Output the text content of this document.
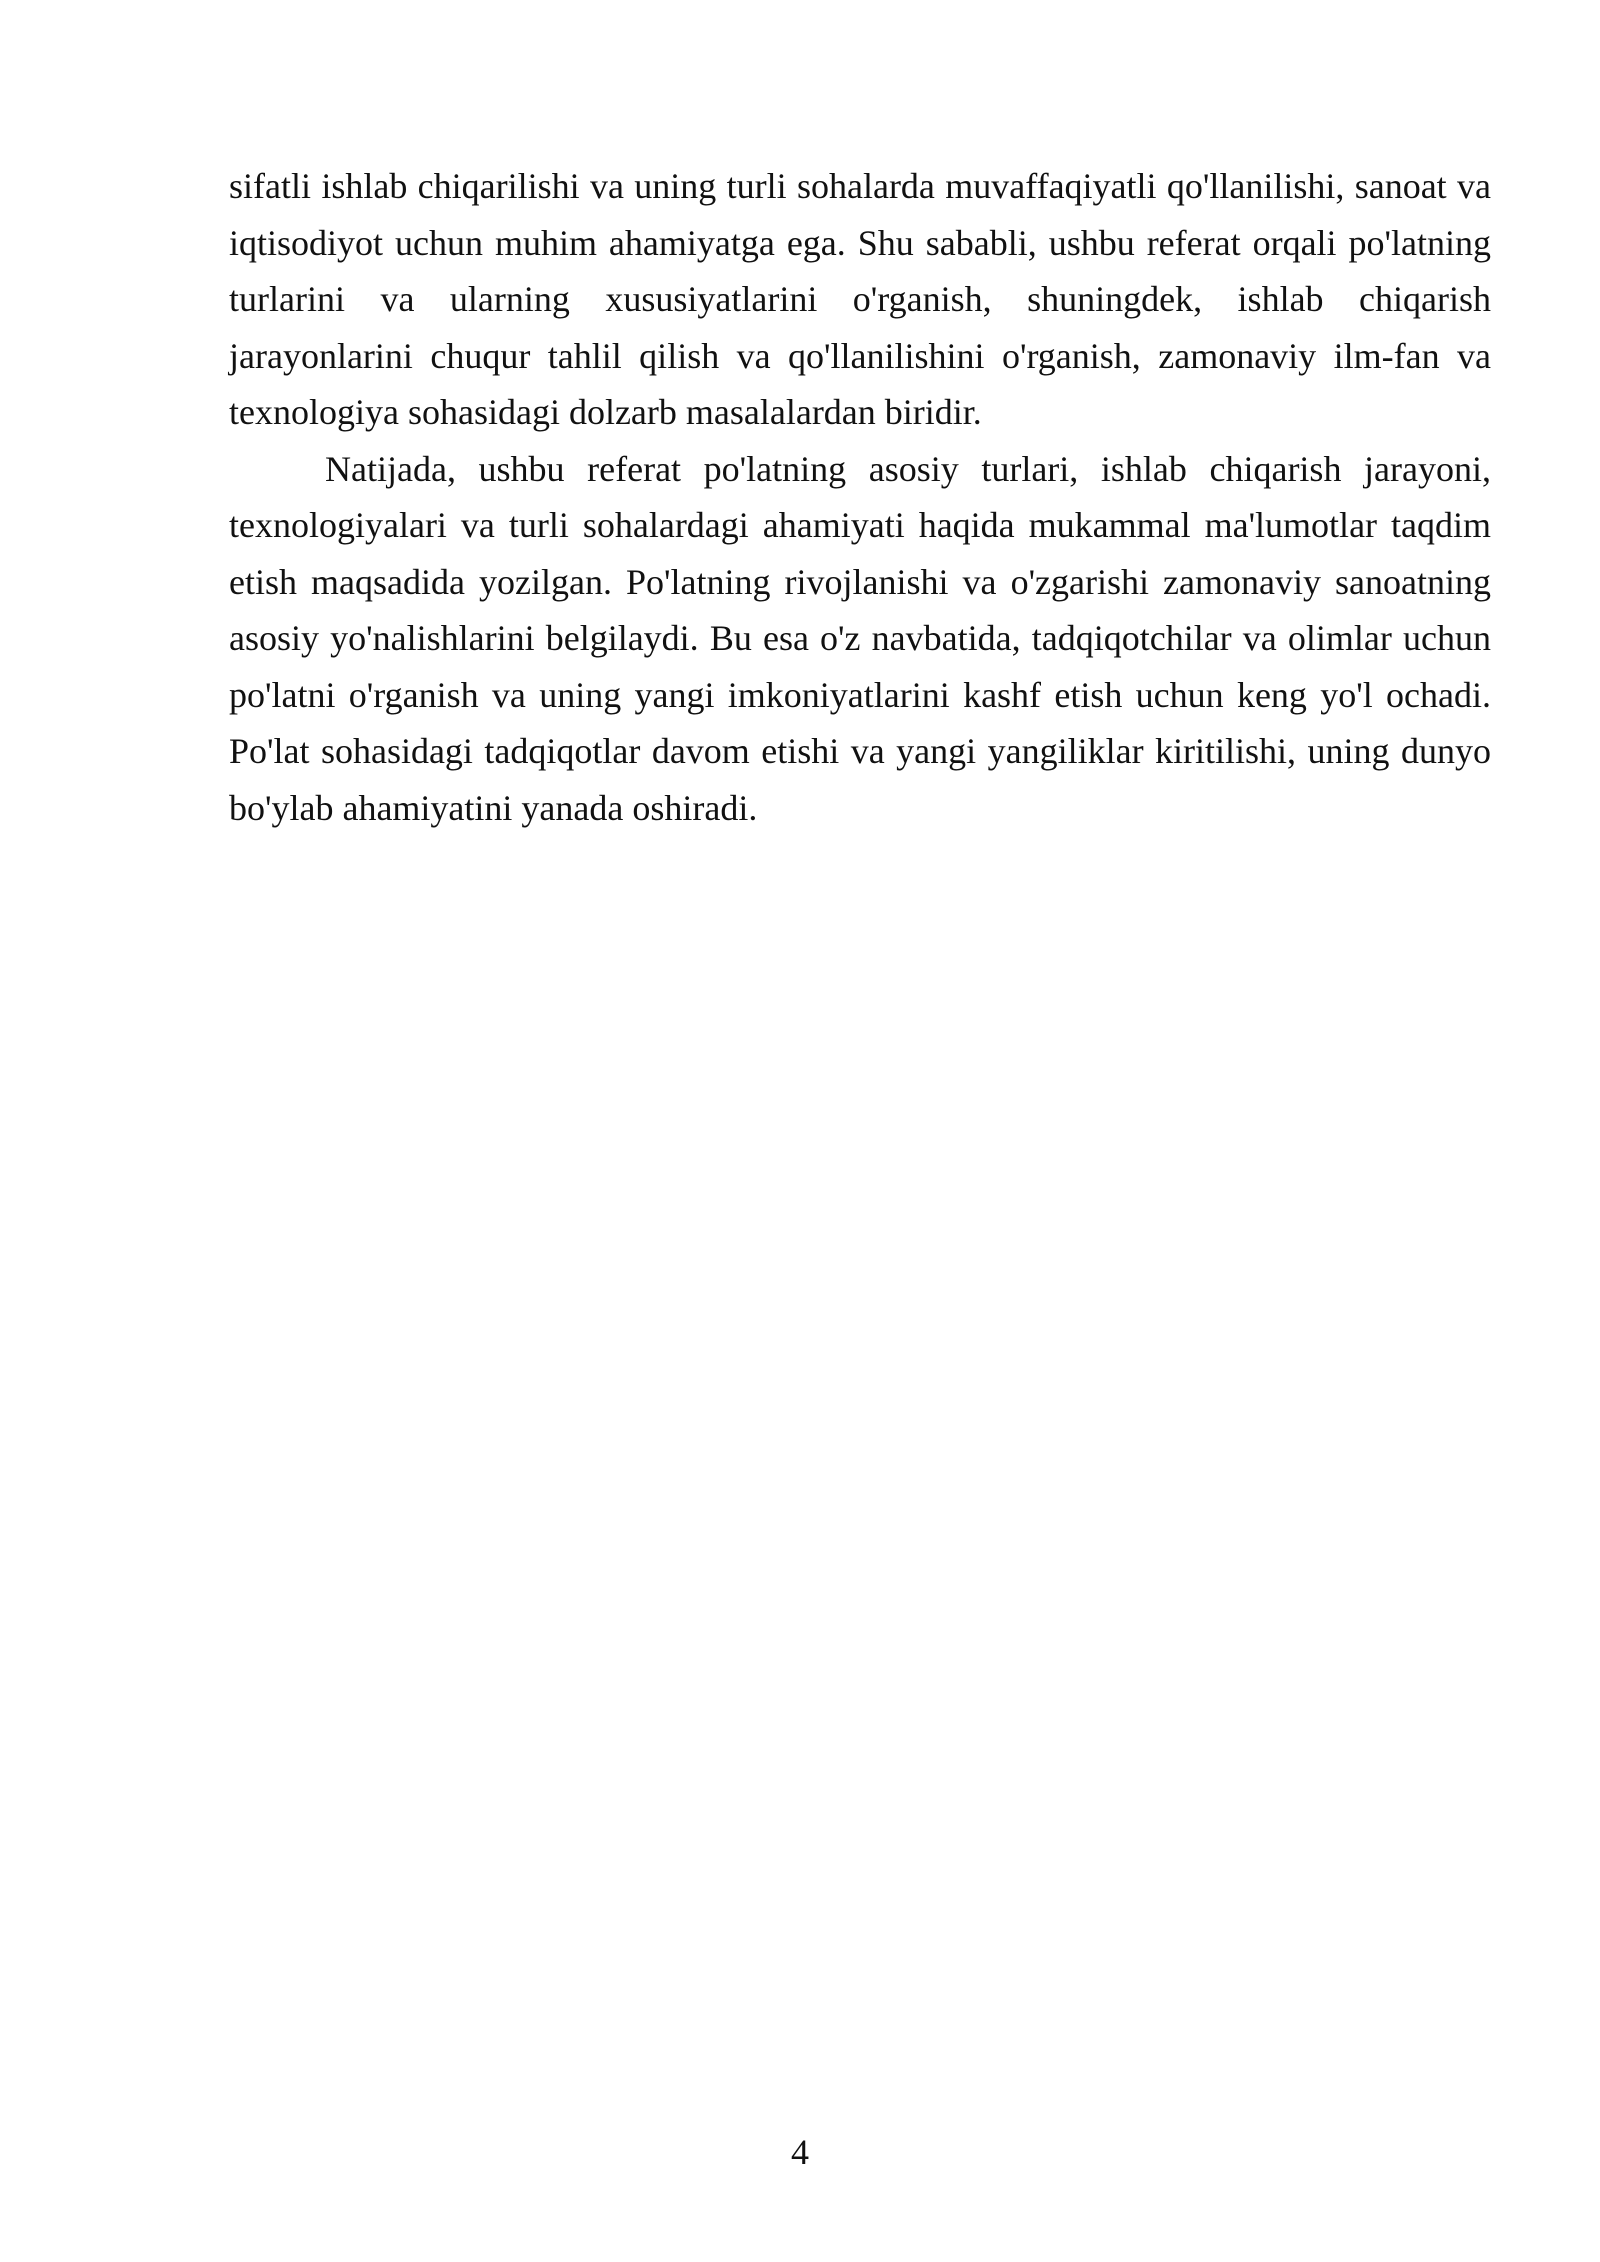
sifatli ishlab chiqarilishi va uning turli sohalarda muvaffaqiyatli qo'llanilishi, sanoat va iqtisodiyot uchun muhim ahamiyatga ega. Shu sababli, ushbu referat orqali po'latning turlarini va ularning xususiyatlarini o'rganish, shuningdek, ishlab chiqarish jarayonlarini chuqur tahlil qilish va qo'llanilishini o'rganish, zamonaviy ilm-fan va texnologiya sohasidagi dolzarb masalalardan biridir.

Natijada, ushbu referat po'latning asosiy turlari, ishlab chiqarish jarayoni, texnologiyalari va turli sohalardagi ahamiyati haqida mukammal ma'lumotlar taqdim etish maqsadida yozilgan. Po'latning rivojlanishi va o'zgarishi zamonaviy sanoatning asosiy yo'nalishlarini belgilaydi. Bu esa o'z navbatida, tadqiqotchilar va olimlar uchun po'latni o'rganish va uning yangi imkoniyatlarini kashf etish uchun keng yo'l ochadi. Po'lat sohasidagi tadqiqotlar davom etishi va yangi yangiliklar kiritilishi, uning dunyo bo'ylab ahamiyatini yanada oshiradi.

4
